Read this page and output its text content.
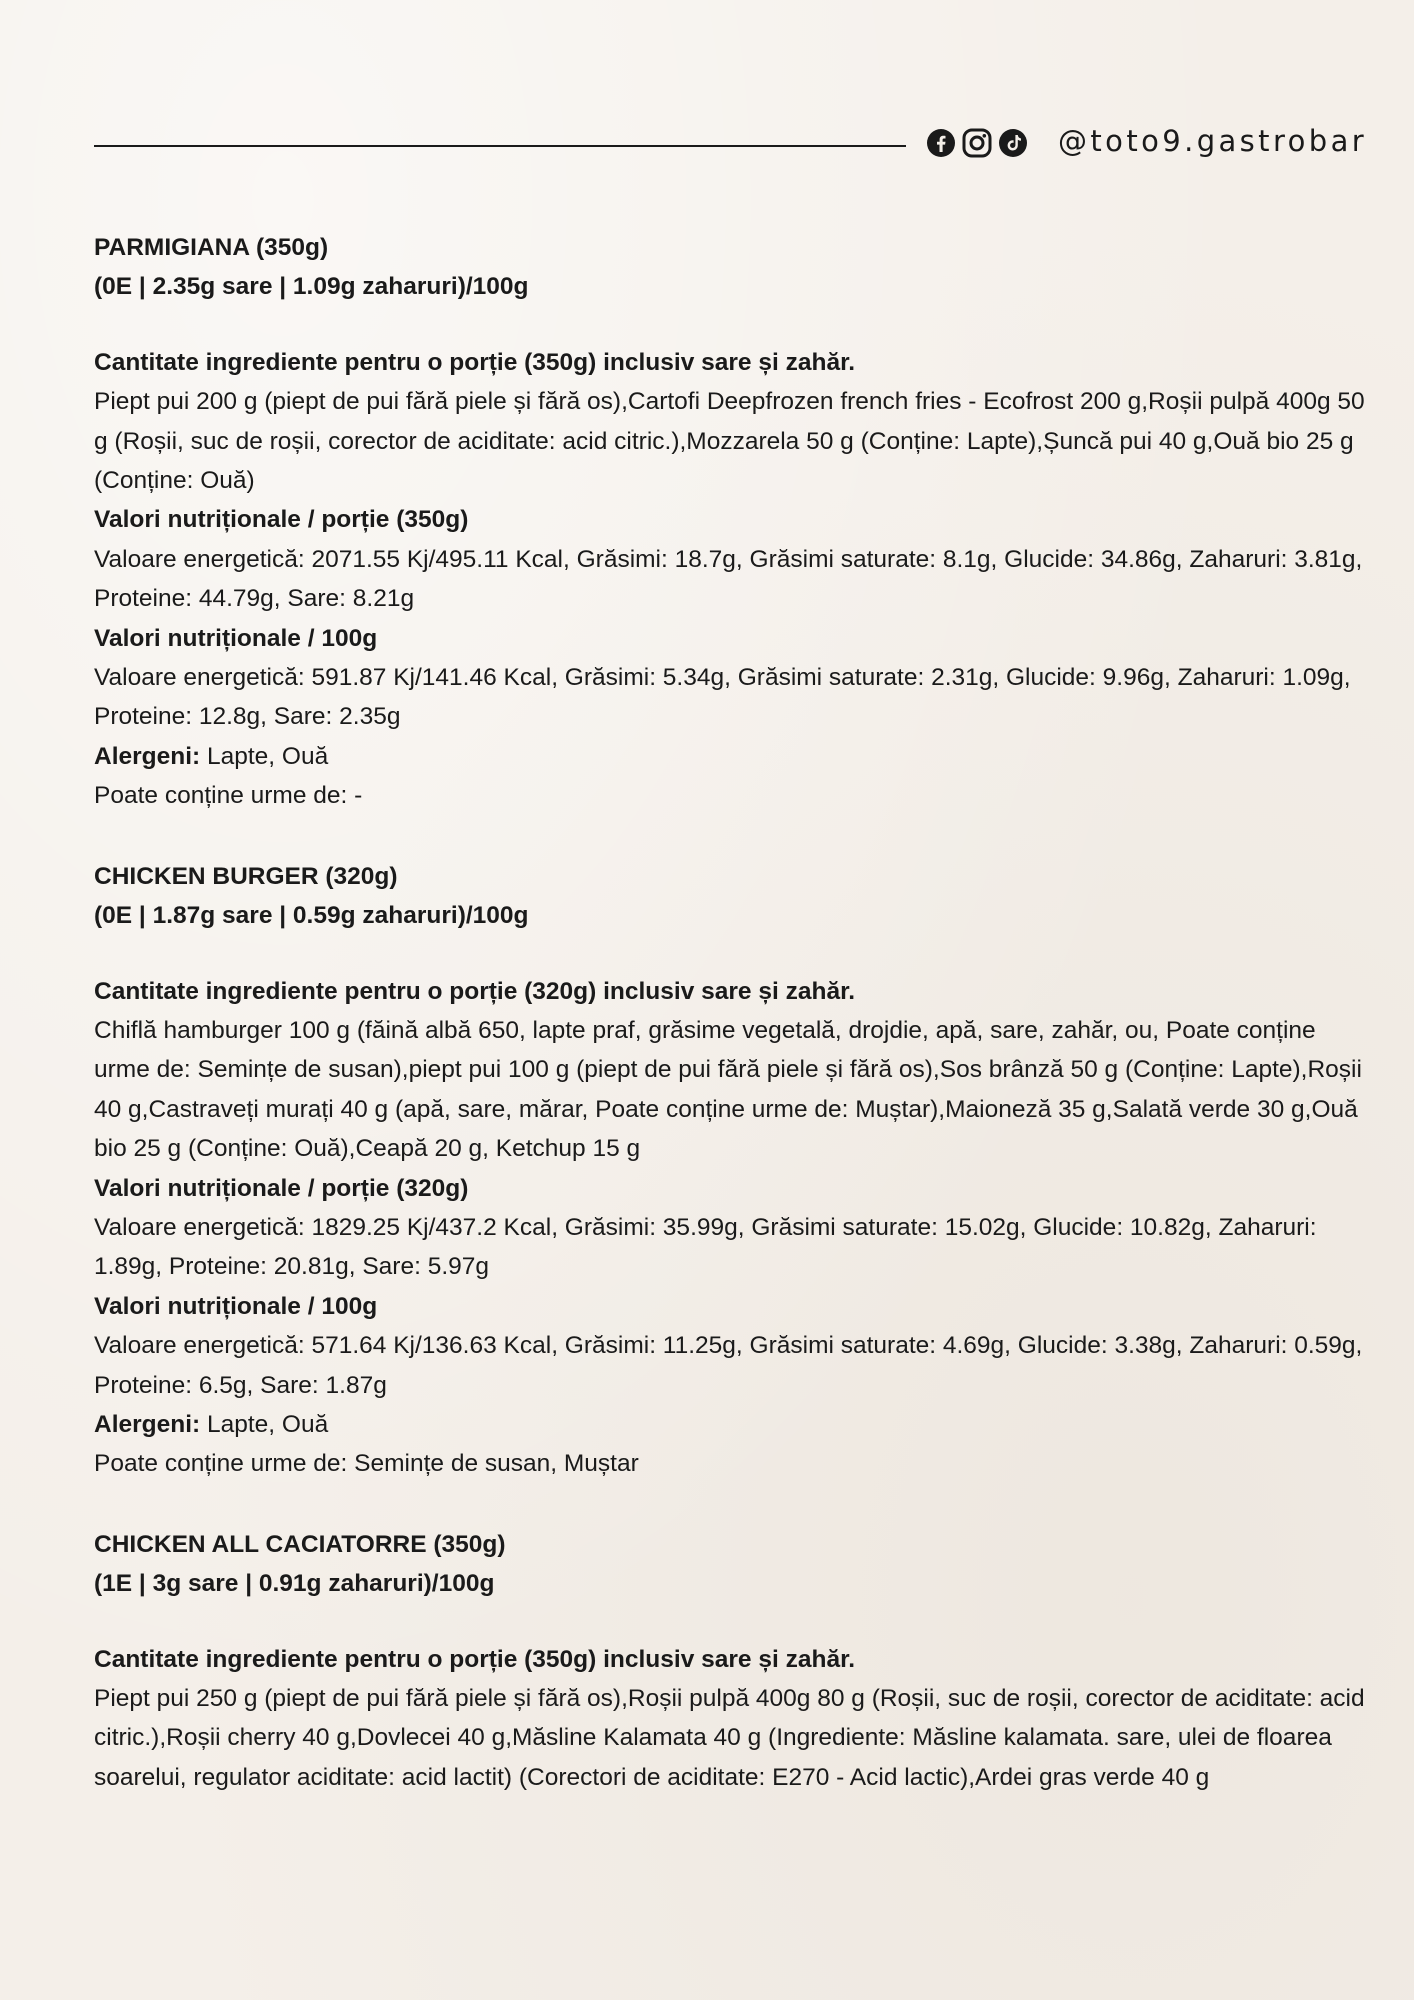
@toto9.gastrobar

PARMIGIANA (350g)

(0E | 2.35g sare | 1.09g zaharuri)/100g

Cantitate ingrediente pentru o porție (350g) inclusiv sare și zahăr.

Piept pui 200 g (piept de pui fără piele și fără os),Cartofi Deepfrozen french fries - Ecofrost 200 g,Roșii pulpă 400g 50 g (Roșii, suc de roșii, corector de aciditate: acid citric.),Mozzarela 50 g (Conține: Lapte),Șuncă pui 40 g,Ouă bio 25 g (Conține: Ouă)

Valori nutriționale / porție (350g)

Valoare energetică: 2071.55 Kj/495.11 Kcal, Grăsimi: 18.7g, Grăsimi saturate: 8.1g, Glucide: 34.86g, Zaharuri: 3.81g, Proteine: 44.79g, Sare: 8.21g

Valori nutriționale / 100g

Valoare energetică: 591.87 Kj/141.46 Kcal, Grăsimi: 5.34g, Grăsimi saturate: 2.31g, Glucide: 9.96g, Zaharuri: 1.09g, Proteine: 12.8g, Sare: 2.35g

Alergeni: Lapte, Ouă

Poate conține urme de: -

CHICKEN BURGER (320g)

(0E | 1.87g sare | 0.59g zaharuri)/100g

Cantitate ingrediente pentru o porție (320g) inclusiv sare și zahăr.

Chiflă hamburger 100 g (făină albă 650, lapte praf, grăsime vegetală, drojdie, apă, sare, zahăr, ou, Poate conține urme de: Semințe de susan),piept pui 100 g (piept de pui fără piele și fără os),Sos brânză 50 g (Conține: Lapte),Roșii 40 g,Castraveți murați 40 g (apă, sare, mărar, Poate conține urme de: Muștar),Maioneză 35 g,Salată verde 30 g,Ouă bio 25 g (Conține: Ouă),Ceapă 20 g, Ketchup 15 g

Valori nutriționale / porție (320g)

Valoare energetică: 1829.25 Kj/437.2 Kcal, Grăsimi: 35.99g, Grăsimi saturate: 15.02g, Glucide: 10.82g, Zaharuri: 1.89g, Proteine: 20.81g, Sare: 5.97g

Valori nutriționale / 100g

Valoare energetică: 571.64 Kj/136.63 Kcal, Grăsimi: 11.25g, Grăsimi saturate: 4.69g, Glucide: 3.38g, Zaharuri: 0.59g, Proteine: 6.5g, Sare: 1.87g

Alergeni: Lapte, Ouă

Poate conține urme de: Semințe de susan, Muștar

CHICKEN ALL CACIATORRE (350g)

(1E | 3g sare | 0.91g zaharuri)/100g

Cantitate ingrediente pentru o porție (350g) inclusiv sare și zahăr.

Piept pui 250 g (piept de pui fără piele și fără os),Roșii pulpă 400g 80 g (Roșii, suc de roșii, corector de aciditate: acid citric.),Roșii cherry 40 g,Dovlecei 40 g,Măsline Kalamata 40 g (Ingrediente: Măsline kalamata. sare, ulei de floarea soarelui, regulator aciditate: acid lactit) (Corectori de aciditate: E270 - Acid lactic),Ardei gras verde 40 g
